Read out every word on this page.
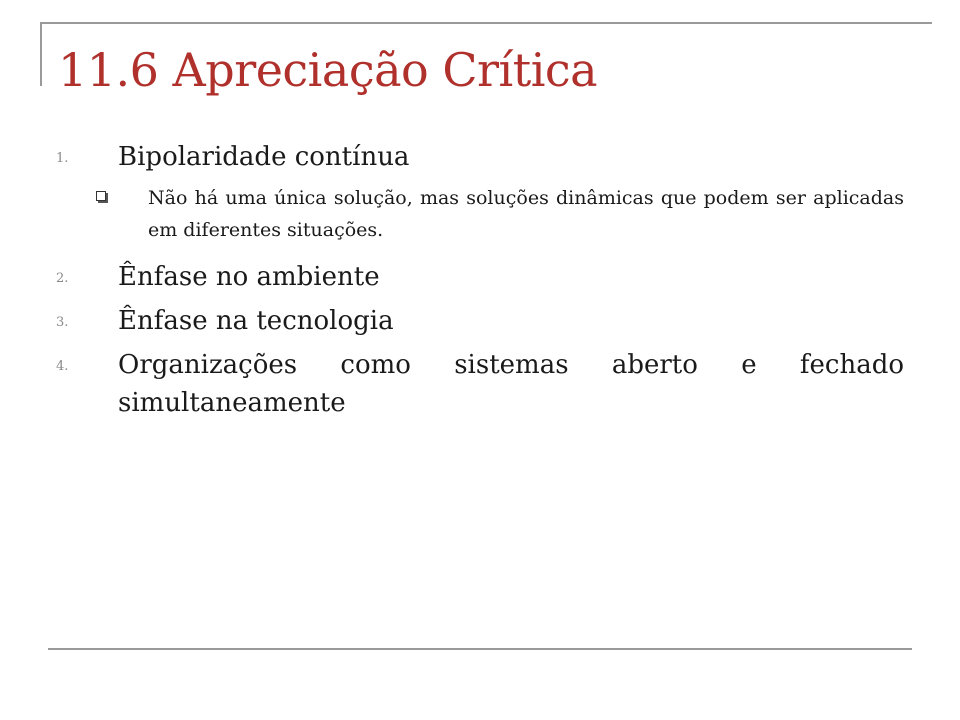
11.6 Apreciação Crítica
1. Bipolaridade contínua
Não há uma única solução, mas soluções dinâmicas que podem ser aplicadas em diferentes situações.
2. Ênfase no ambiente
3. Ênfase na tecnologia
4. Organizações como sistemas aberto e fechado simultaneamente
